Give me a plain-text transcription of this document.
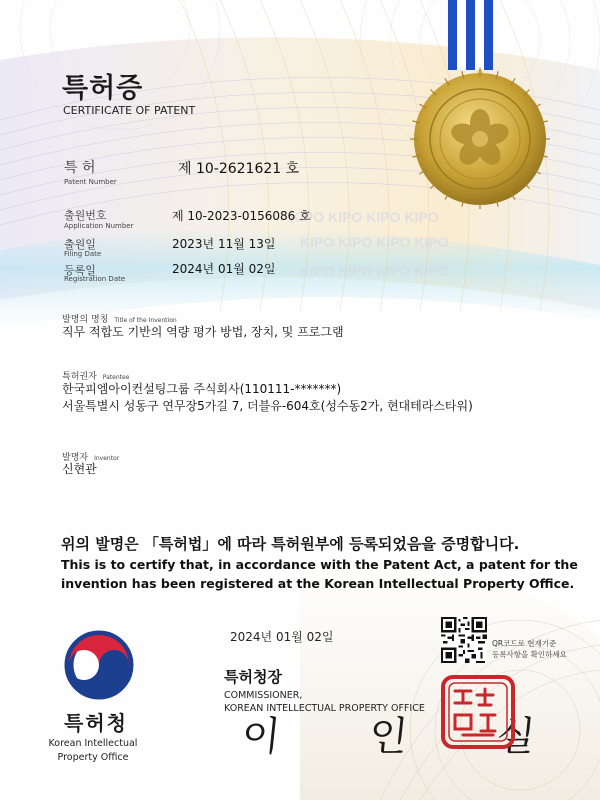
KIPO KIPO KIPO KIPO
KIPO KIPO KIPO KIPO
KIPO KIPO KIPO KIPO
특허증
CERTIFICATE OF PATENT
특 허
Patent Number
제 10-2621621 호
출원번호
Application Number
제 10-2023-0156086 호
출원일
Filing Date
2023년 11월 13일
등록일
Registration Date
2024년 01월 02일
발명의 명칭 Title of the Invention
직무 적합도 기반의 역량 평가 방법, 장치, 및 프로그램
특허권자 Patentee
한국피엠아이컨설팅그룹 주식회사(110111-*******)
서울특별시 성동구 연무장5가길 7, 더블유-604호(성수동2가, 현대테라스타워)
발명자 Inventor
신현관
위의 발명은 「특허법」에 따라 특허원부에 등록되었음을 증명합니다.
This is to certify that, in accordance with the Patent Act, a patent for the
invention has been registered at the Korean Intellectual Property Office.
특허청
Korean Intellectual
Property Office
2024년 01월 02일
특허청장
COMMISSIONER,
KOREAN INTELLECTUAL PROPERTY OFFICE
이 인 실
QR코드로 현재기준
등록사항을 확인하세요
